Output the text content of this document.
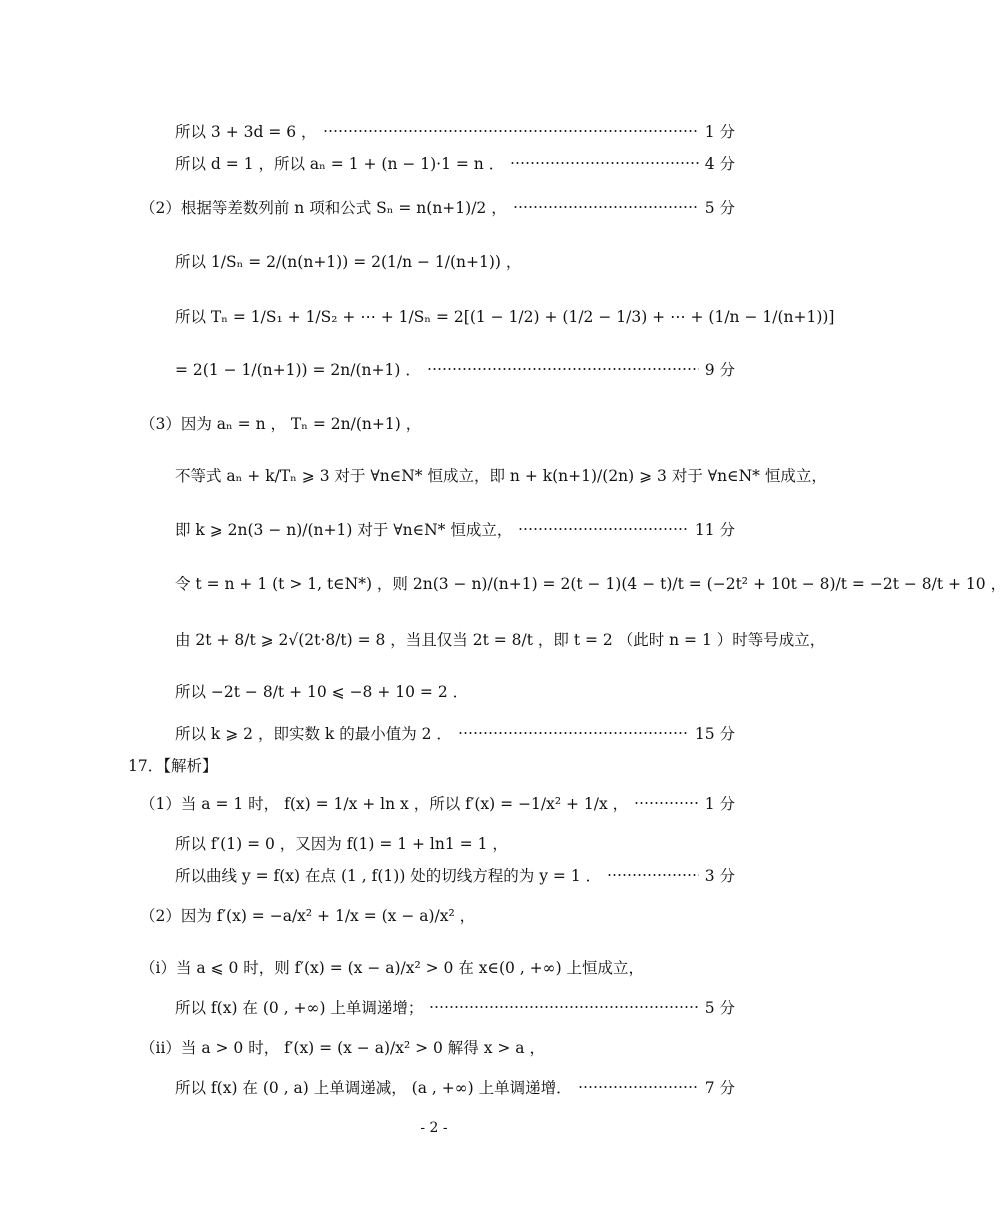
所以 3 + 3d = 6 ，	1 分
所以 d = 1 ，所以 aₙ = 1 + (n − 1)·1 = n ．	4 分
（2）根据等差数列前 n 项和公式 Sₙ = n(n+1)/2 ，	5 分
所以 1/Sₙ = 2/(n(n+1)) = 2(1/n − 1/(n+1)) ，
所以 Tₙ = 1/S₁ + 1/S₂ + ⋯ + 1/Sₙ = 2[(1 − 1/2) + (1/2 − 1/3) + ⋯ + (1/n − 1/(n+1))]
= 2(1 − 1/(n+1)) = 2n/(n+1) ．	9 分
（3）因为 aₙ = n ， Tₙ = 2n/(n+1) ，
不等式 aₙ + k/Tₙ ⩾ 3 对于 ∀n∈N* 恒成立，即 n + k(n+1)/(2n) ⩾ 3 对于 ∀n∈N* 恒成立，
即 k ⩾ 2n(3 − n)/(n+1) 对于 ∀n∈N* 恒成立，	11 分
令 t = n + 1 (t > 1, t∈N*) ，则 2n(3 − n)/(n+1) = 2(t − 1)(4 − t)/t = (−2t² + 10t − 8)/t = −2t − 8/t + 10 ，
由 2t + 8/t ⩾ 2√(2t·8/t) = 8 ，当且仅当 2t = 8/t ，即 t = 2 （此时 n = 1 ）时等号成立，
所以 −2t − 8/t + 10 ⩽ −8 + 10 = 2 ．
所以 k ⩾ 2 ，即实数 k 的最小值为 2 ．	15 分
17．【解析】
（1）当 a = 1 时， f(x) = 1/x + ln x ，所以 f′(x) = −1/x² + 1/x ，	1 分
所以 f′(1) = 0 ，又因为 f(1) = 1 + ln1 = 1 ，
所以曲线 y = f(x) 在点 (1 , f(1)) 处的切线方程的为 y = 1 ．	3 分
（2）因为 f′(x) = −a/x² + 1/x = (x − a)/x² ，
（i）当 a ⩽ 0 时，则 f′(x) = (x − a)/x² > 0 在 x∈(0 , +∞) 上恒成立，
所以 f(x) 在 (0 , +∞) 上单调递增；	5 分
（ii）当 a > 0 时， f′(x) = (x − a)/x² > 0 解得 x > a ，
所以 f(x) 在 (0 , a) 上单调递减， (a , +∞) 上单调递增．	7 分
- 2 -
